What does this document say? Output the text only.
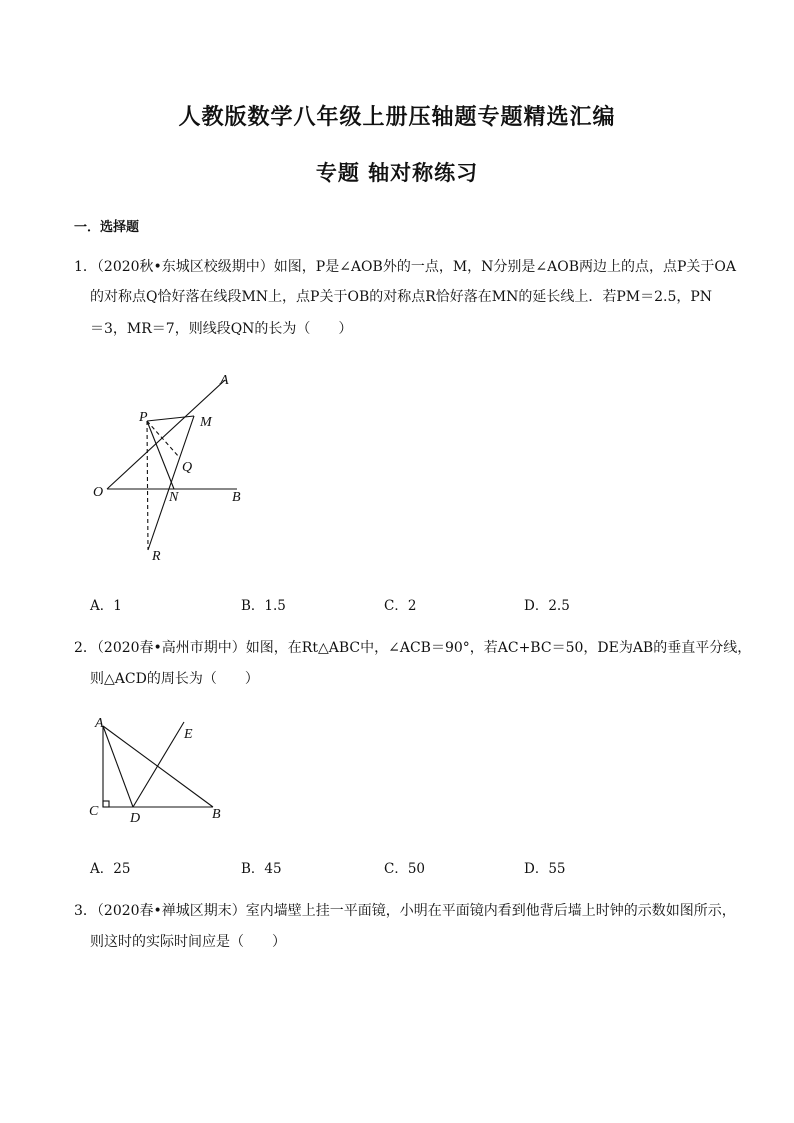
人教版数学八年级上册压轴题专题精选汇编
专题 轴对称练习
一．选择题
1．（2020秋•东城区校级期中）如图，P是∠AOB外的一点，M，N分别是∠AOB两边上的点，点P关于OA
的对称点Q恰好落在线段MN上，点P关于OB的对称点R恰好落在MN的延长线上．若PM＝2.5，PN
＝3，MR＝7，则线段QN的长为（　　）
A
P	M
Q
O	N	B
R
A．1	B．1.5	C．2	D．2.5
2．（2020春•高州市期中）如图，在Rt△ABC中，∠ACB＝90°，若AC+BC＝50，DE为AB的垂直平分线，
则△ACD的周长为（　　）
A
E
C D	B
A．25	B．45	C．50	D．55
3．（2020春•禅城区期末）室内墙壁上挂一平面镜，小明在平面镜内看到他背后墙上时钟的示数如图所示，
则这时的实际时间应是（　　）
